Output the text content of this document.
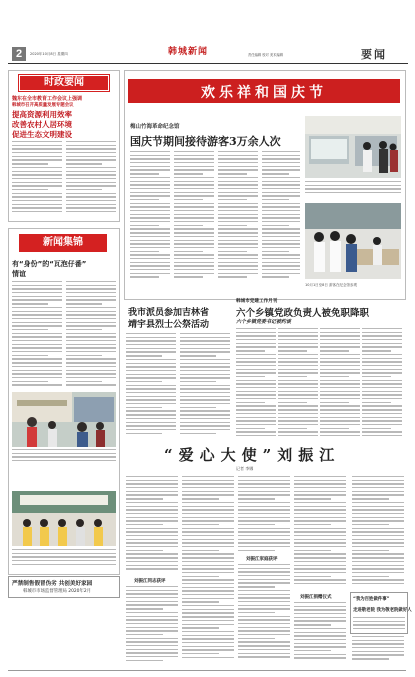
2	2020年10月8日 星期四	韩城新闻	责任编辑 校对 美术编辑	要闻
时政要闻
魏东在全市教育工作会议上强调
韩城市召开高质量发展专题会议
提高资源利用效率
改善农村人居环境
促进生态文明建设
新闻集锦
有“身份”的“瓦泡仔番”
情谊
严禁制售假冒伪劣 共创美好家园
韩城市市场监督管理局 2020年2月
欢乐祥和国庆节
梅山竹海革命纪念馆
国庆节期间接待游客3万余人次
10月1日至8日 游客在纪念馆参观
我市派员参加吉林省
靖宇县烈士公祭活动
韩城市党建工作月刊
六个乡镇党政负责人被免职降职
六个乡镇党委书记被约谈
“爱心大使”刘振江
记者 李娜
刘振江同志获评
刘振江家庭获评
刘振江捐赠仪式	“我为百姓做件事”
走进敬老院 我为敬老院做好人
